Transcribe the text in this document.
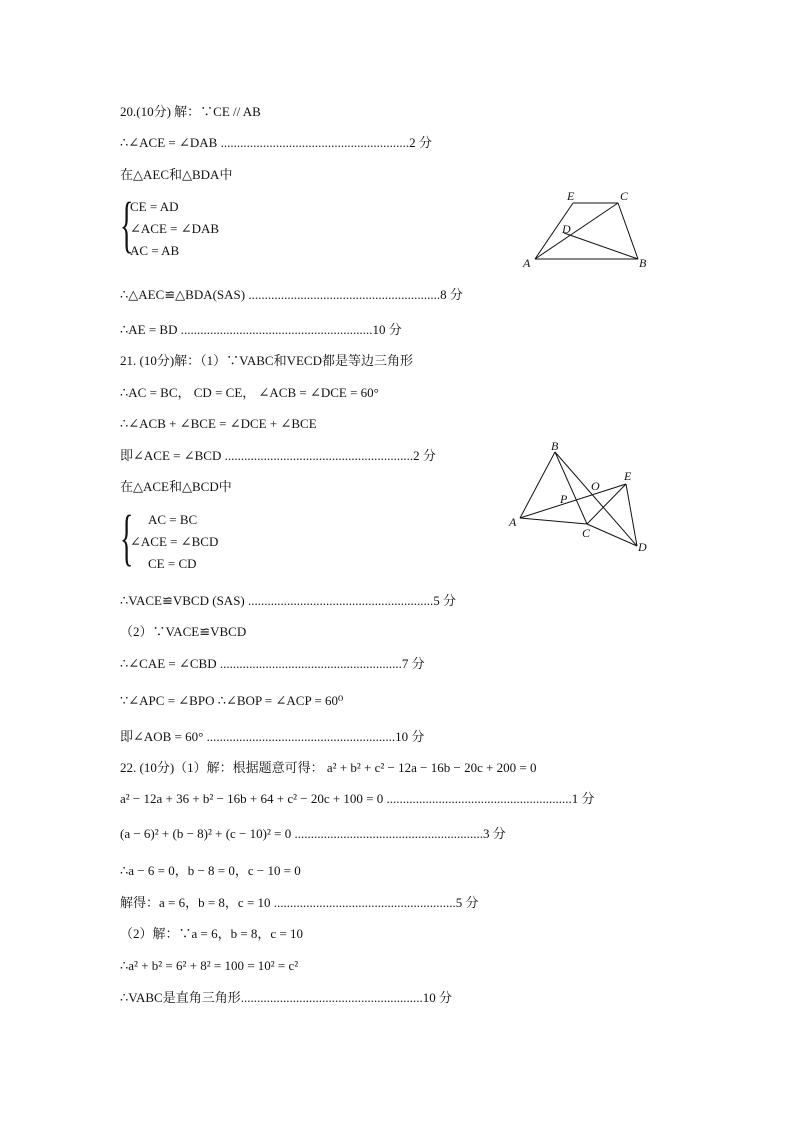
20.(10分) 解：∵CE // AB
∴∠ACE = ∠DAB ..........................................................2 分
在△AEC和△BDA中
{
CE = AD
∠ACE = ∠DAB
AC = AB
∴△AEC≌△BDA(SAS) ...........................................................8 分
∴AE = BD ...........................................................10 分
E	C
D
A	B
21. (10分)解：（1）∵VABC和VECD都是等边三角形
∴AC = BC， CD = CE， ∠ACB = ∠DCE = 60°
∴∠ACB + ∠BCE = ∠DCE + ∠BCE
即∠ACE = ∠BCD ..........................................................2 分
在△ACE和△BCD中
{ AC = BC
∠ACE = ∠BCD
CE = CD
∴VACE≌VBCD (SAS) .........................................................5 分
（2）∵VACE≌VBCD
∴∠CAE = ∠CBD ........................................................7 分
∵∠APC = ∠BPO ∴∠BOP = ∠ACP = 60⁰
即∠AOB = 60° ..........................................................10 分
B
E
O
P
A
C
D
22. (10分)（1）解：根据题意可得： a² + b² + c² − 12a − 16b − 20c + 200 = 0
a² − 12a + 36 + b² − 16b + 64 + c² − 20c + 100 = 0 .........................................................1 分
(a − 6)² + (b − 8)² + (c − 10)² = 0 ..........................................................3 分
∴a − 6 = 0，b − 8 = 0，c − 10 = 0
解得：a = 6，b = 8，c = 10 ........................................................5 分
（2）解：∵a = 6，b = 8，c = 10
∴a² + b² = 6² + 8² = 100 = 10² = c²
∴VABC是直角三角形........................................................10 分
